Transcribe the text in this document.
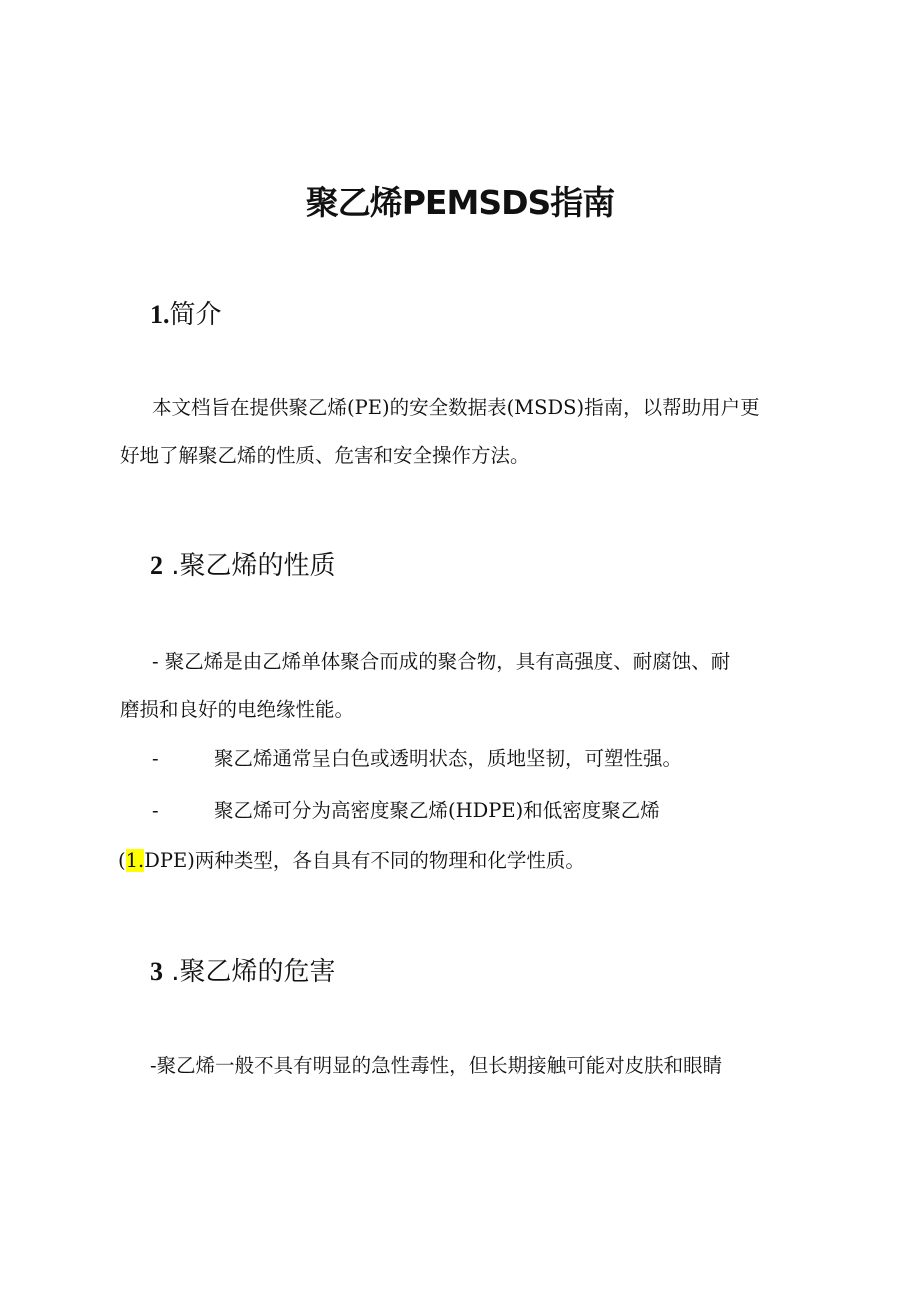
聚乙烯PEMSDS指南
1.简介

本文档旨在提供聚乙烯(PE)的安全数据表(MSDS)指南，以帮助用户更

好地了解聚乙烯的性质、危害和安全操作方法。

2 .聚乙烯的性质

- 聚乙烯是由乙烯单体聚合而成的聚合物，具有高强度、耐腐蚀、耐

磨损和良好的电绝缘性能。

-	聚乙烯通常呈白色或透明状态，质地坚韧，可塑性强。

-	聚乙烯可分为高密度聚乙烯(HDPE)和低密度聚乙烯

(1.DPE)两种类型，各自具有不同的物理和化学性质。

3 .聚乙烯的危害

-聚乙烯一般不具有明显的急性毒性，但长期接触可能对皮肤和眼睛
